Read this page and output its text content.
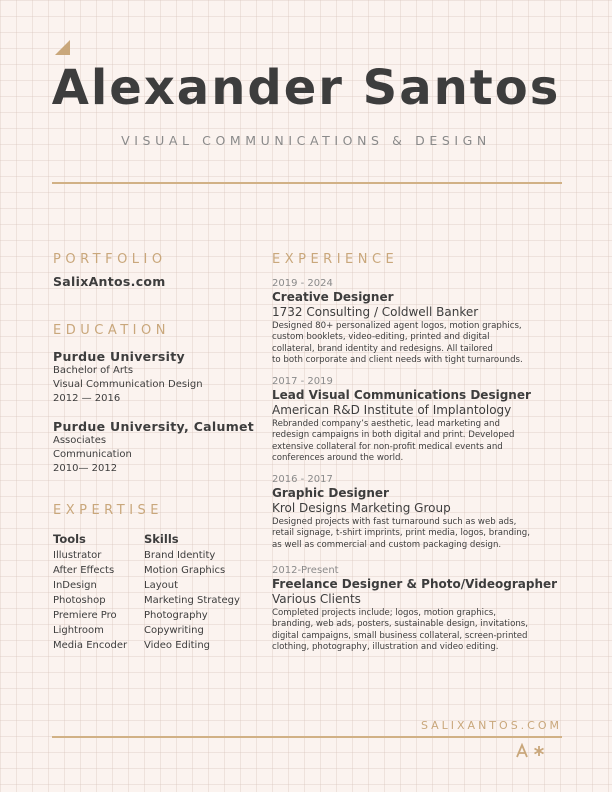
Alexander Santos
VISUAL COMMUNICATIONS & DESIGN
PORTFOLIO
SalixAntos.com
EDUCATION
Purdue University
Bachelor of Arts
Visual Communication Design
2012 — 2016
Purdue University, Calumet
Associates
Communication
2010— 2012
EXPERTISE
Tools
Illustrator
After Effects
InDesign
Photoshop
Premiere Pro
Lightroom
Media Encoder
Skills
Brand Identity
Motion Graphics
Layout
Marketing Strategy
Photography
Copywriting
Video Editing
EXPERIENCE
2019 - 2024
Creative Designer
1732 Consulting / Coldwell Banker
Designed 80+ personalized agent logos, motion graphics,
custom booklets, video-editing, printed and digital
collateral, brand identity and redesigns. All tailored
to both corporate and client needs with tight turnarounds.
2017 - 2019
Lead Visual Communications Designer
American R&D Institute of Implantology
Rebranded company’s aesthetic, lead marketing and
redesign campaigns in both digital and print. Developed
extensive collateral for non-profit medical events and
conferences around the world.
2016 - 2017
Graphic Designer
Krol Designs Marketing Group
Designed projects with fast turnaround such as web ads,
retail signage, t-shirt imprints, print media, logos, branding,
as well as commercial and custom packaging design.
2012-Present
Freelance Designer & Photo/Videographer
Various Clients
Completed projects include; logos, motion graphics,
branding, web ads, posters, sustainable design, invitations,
digital campaigns, small business collateral, screen-printed
clothing, photography, illustration and video editing.
SALIXANTOS.COM
